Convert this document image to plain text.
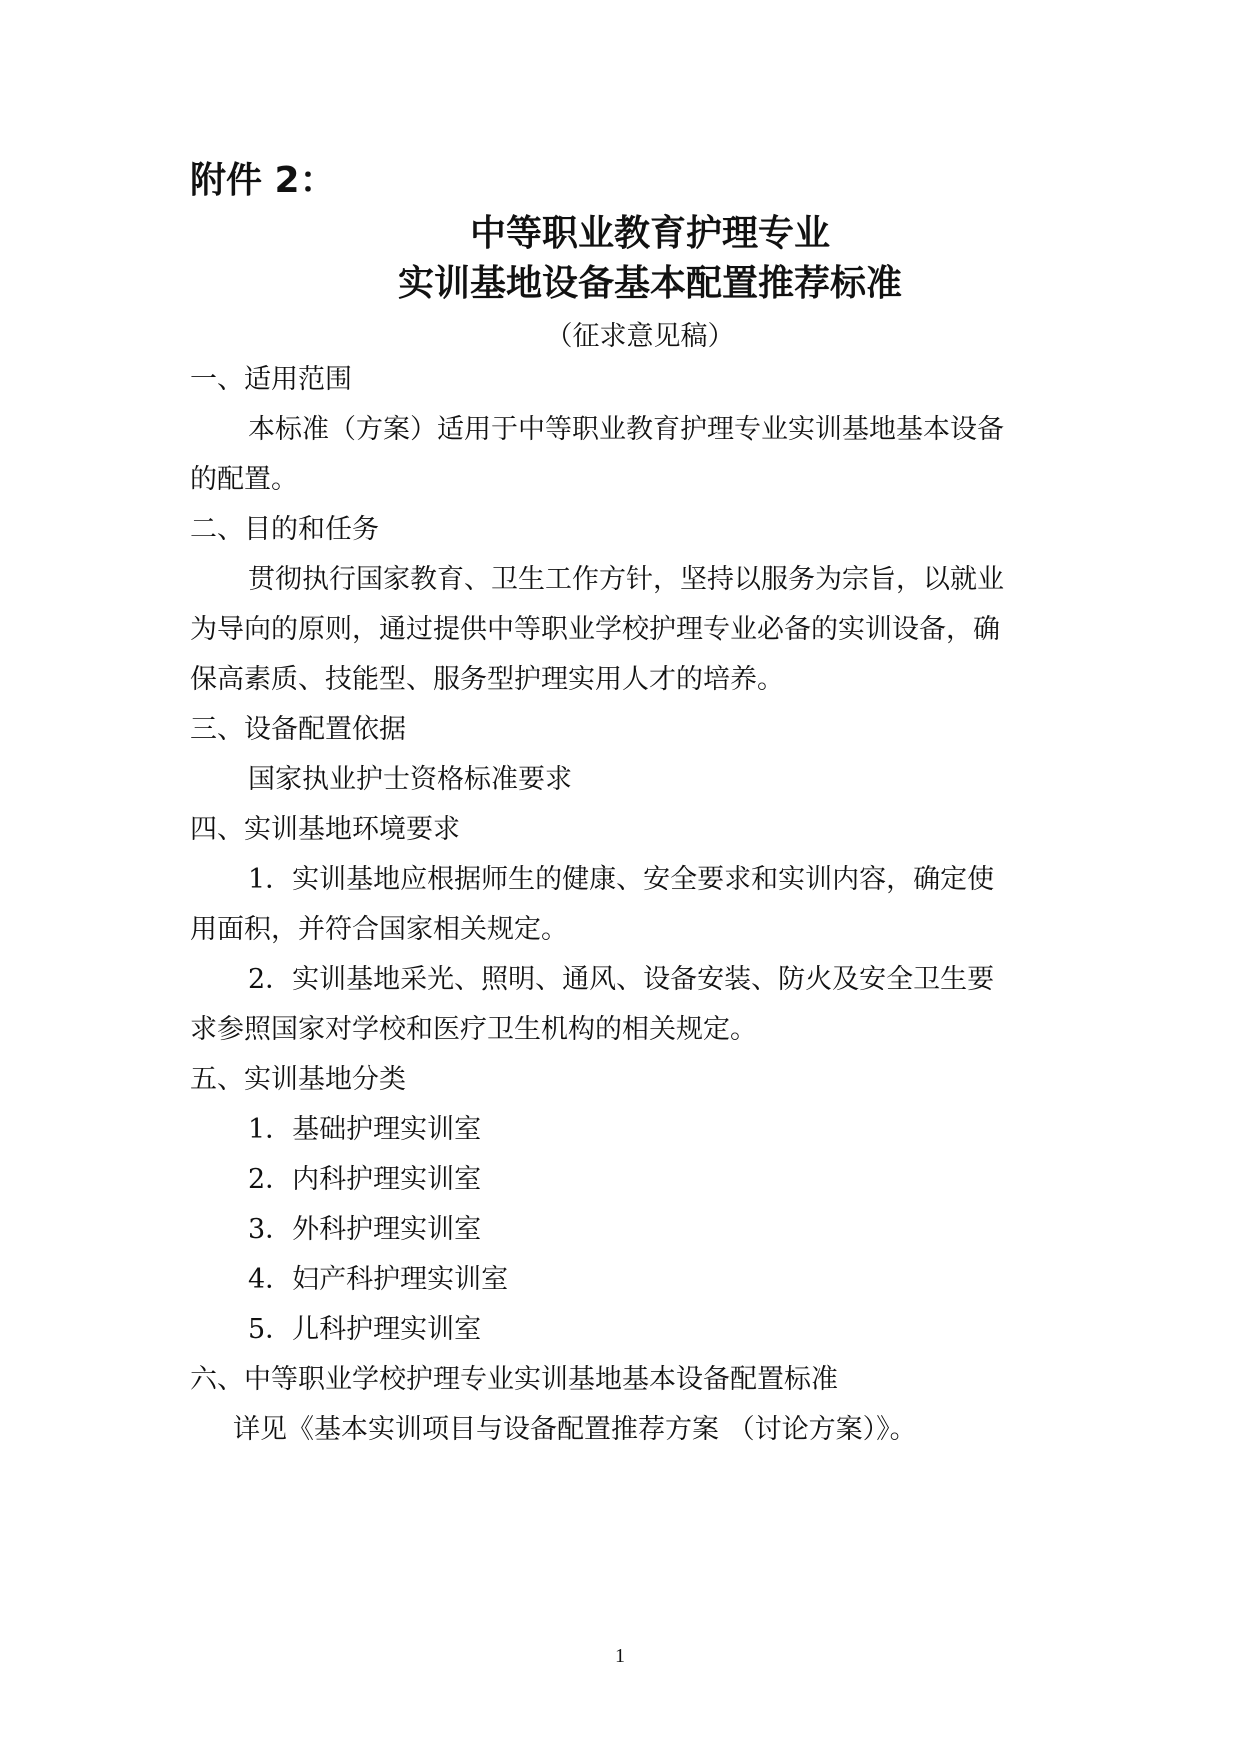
附件 2：
中等职业教育护理专业
实训基地设备基本配置推荐标准
（征求意见稿）
一、适用范围
本标准（方案）适用于中等职业教育护理专业实训基地基本设备
的配置。
二、目的和任务
贯彻执行国家教育、卫生工作方针，坚持以服务为宗旨，以就业
为导向的原则，通过提供中等职业学校护理专业必备的实训设备，确
保高素质、技能型、服务型护理实用人才的培养。
三、设备配置依据
国家执业护士资格标准要求
四、实训基地环境要求
1．实训基地应根据师生的健康、安全要求和实训内容，确定使
用面积，并符合国家相关规定。
2．实训基地采光、照明、通风、设备安装、防火及安全卫生要
求参照国家对学校和医疗卫生机构的相关规定。
五、实训基地分类
1．基础护理实训室
2．内科护理实训室
3．外科护理实训室
4．妇产科护理实训室
5．儿科护理实训室
六、中等职业学校护理专业实训基地基本设备配置标准
详见《基本实训项目与设备配置推荐方案 （讨论方案）》。
1
